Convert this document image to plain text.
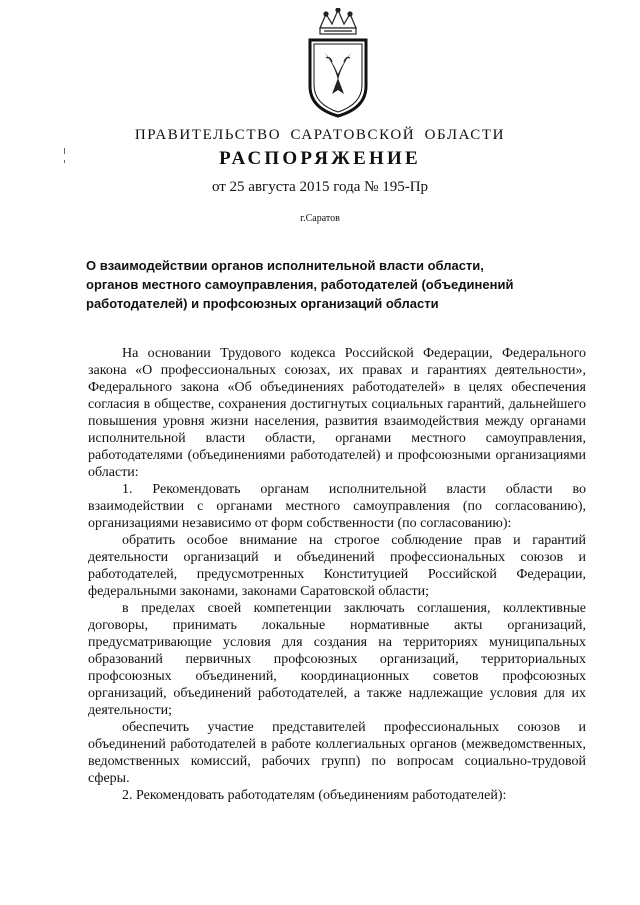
ПРАВИТЕЛЬСТВО САРАТОВСКОЙ ОБЛАСТИ
РАСПОРЯЖЕНИЕ
от 25 августа 2015 года № 195-Пр
г.Саратов
О взаимодействии органов исполнительной власти области, органов местного самоуправления, работодателей (объединений работодателей) и профсоюзных организаций области

На основании Трудового кодекса Российской Федерации, Федерального закона «О профессиональных союзах, их правах и гарантиях деятельности», Федерального закона «Об объединениях работодателей» в целях обеспечения согласия в обществе, сохранения достигнутых социальных гарантий, дальнейшего повышения уровня жизни населения, развития взаимодействия между органами исполнительной власти области, органами местного самоуправления, работодателями (объединениями работодателей) и профсоюзными организациями области:

1. Рекомендовать органам исполнительной власти области во взаимодействии с органами местного самоуправления (по согласованию), организациями независимо от форм собственности (по согласованию):

обратить особое внимание на строгое соблюдение прав и гарантий деятельности организаций и объединений профессиональных союзов и работодателей, предусмотренных Конституцией Российской Федерации, федеральными законами, законами Саратовской области;

в пределах своей компетенции заключать соглашения, коллективные договоры, принимать локальные нормативные акты организаций, предусматривающие условия для создания на территориях муниципальных образований первичных профсоюзных организаций, территориальных профсоюзных объединений, координационных советов профсоюзных организаций, объединений работодателей, а также надлежащие условия для их деятельности;

обеспечить участие представителей профессиональных союзов и объединений работодателей в работе коллегиальных органов (межведомственных, ведомственных комиссий, рабочих групп) по вопросам социально-трудовой сферы.

2. Рекомендовать работодателям (объединениям работодателей):
